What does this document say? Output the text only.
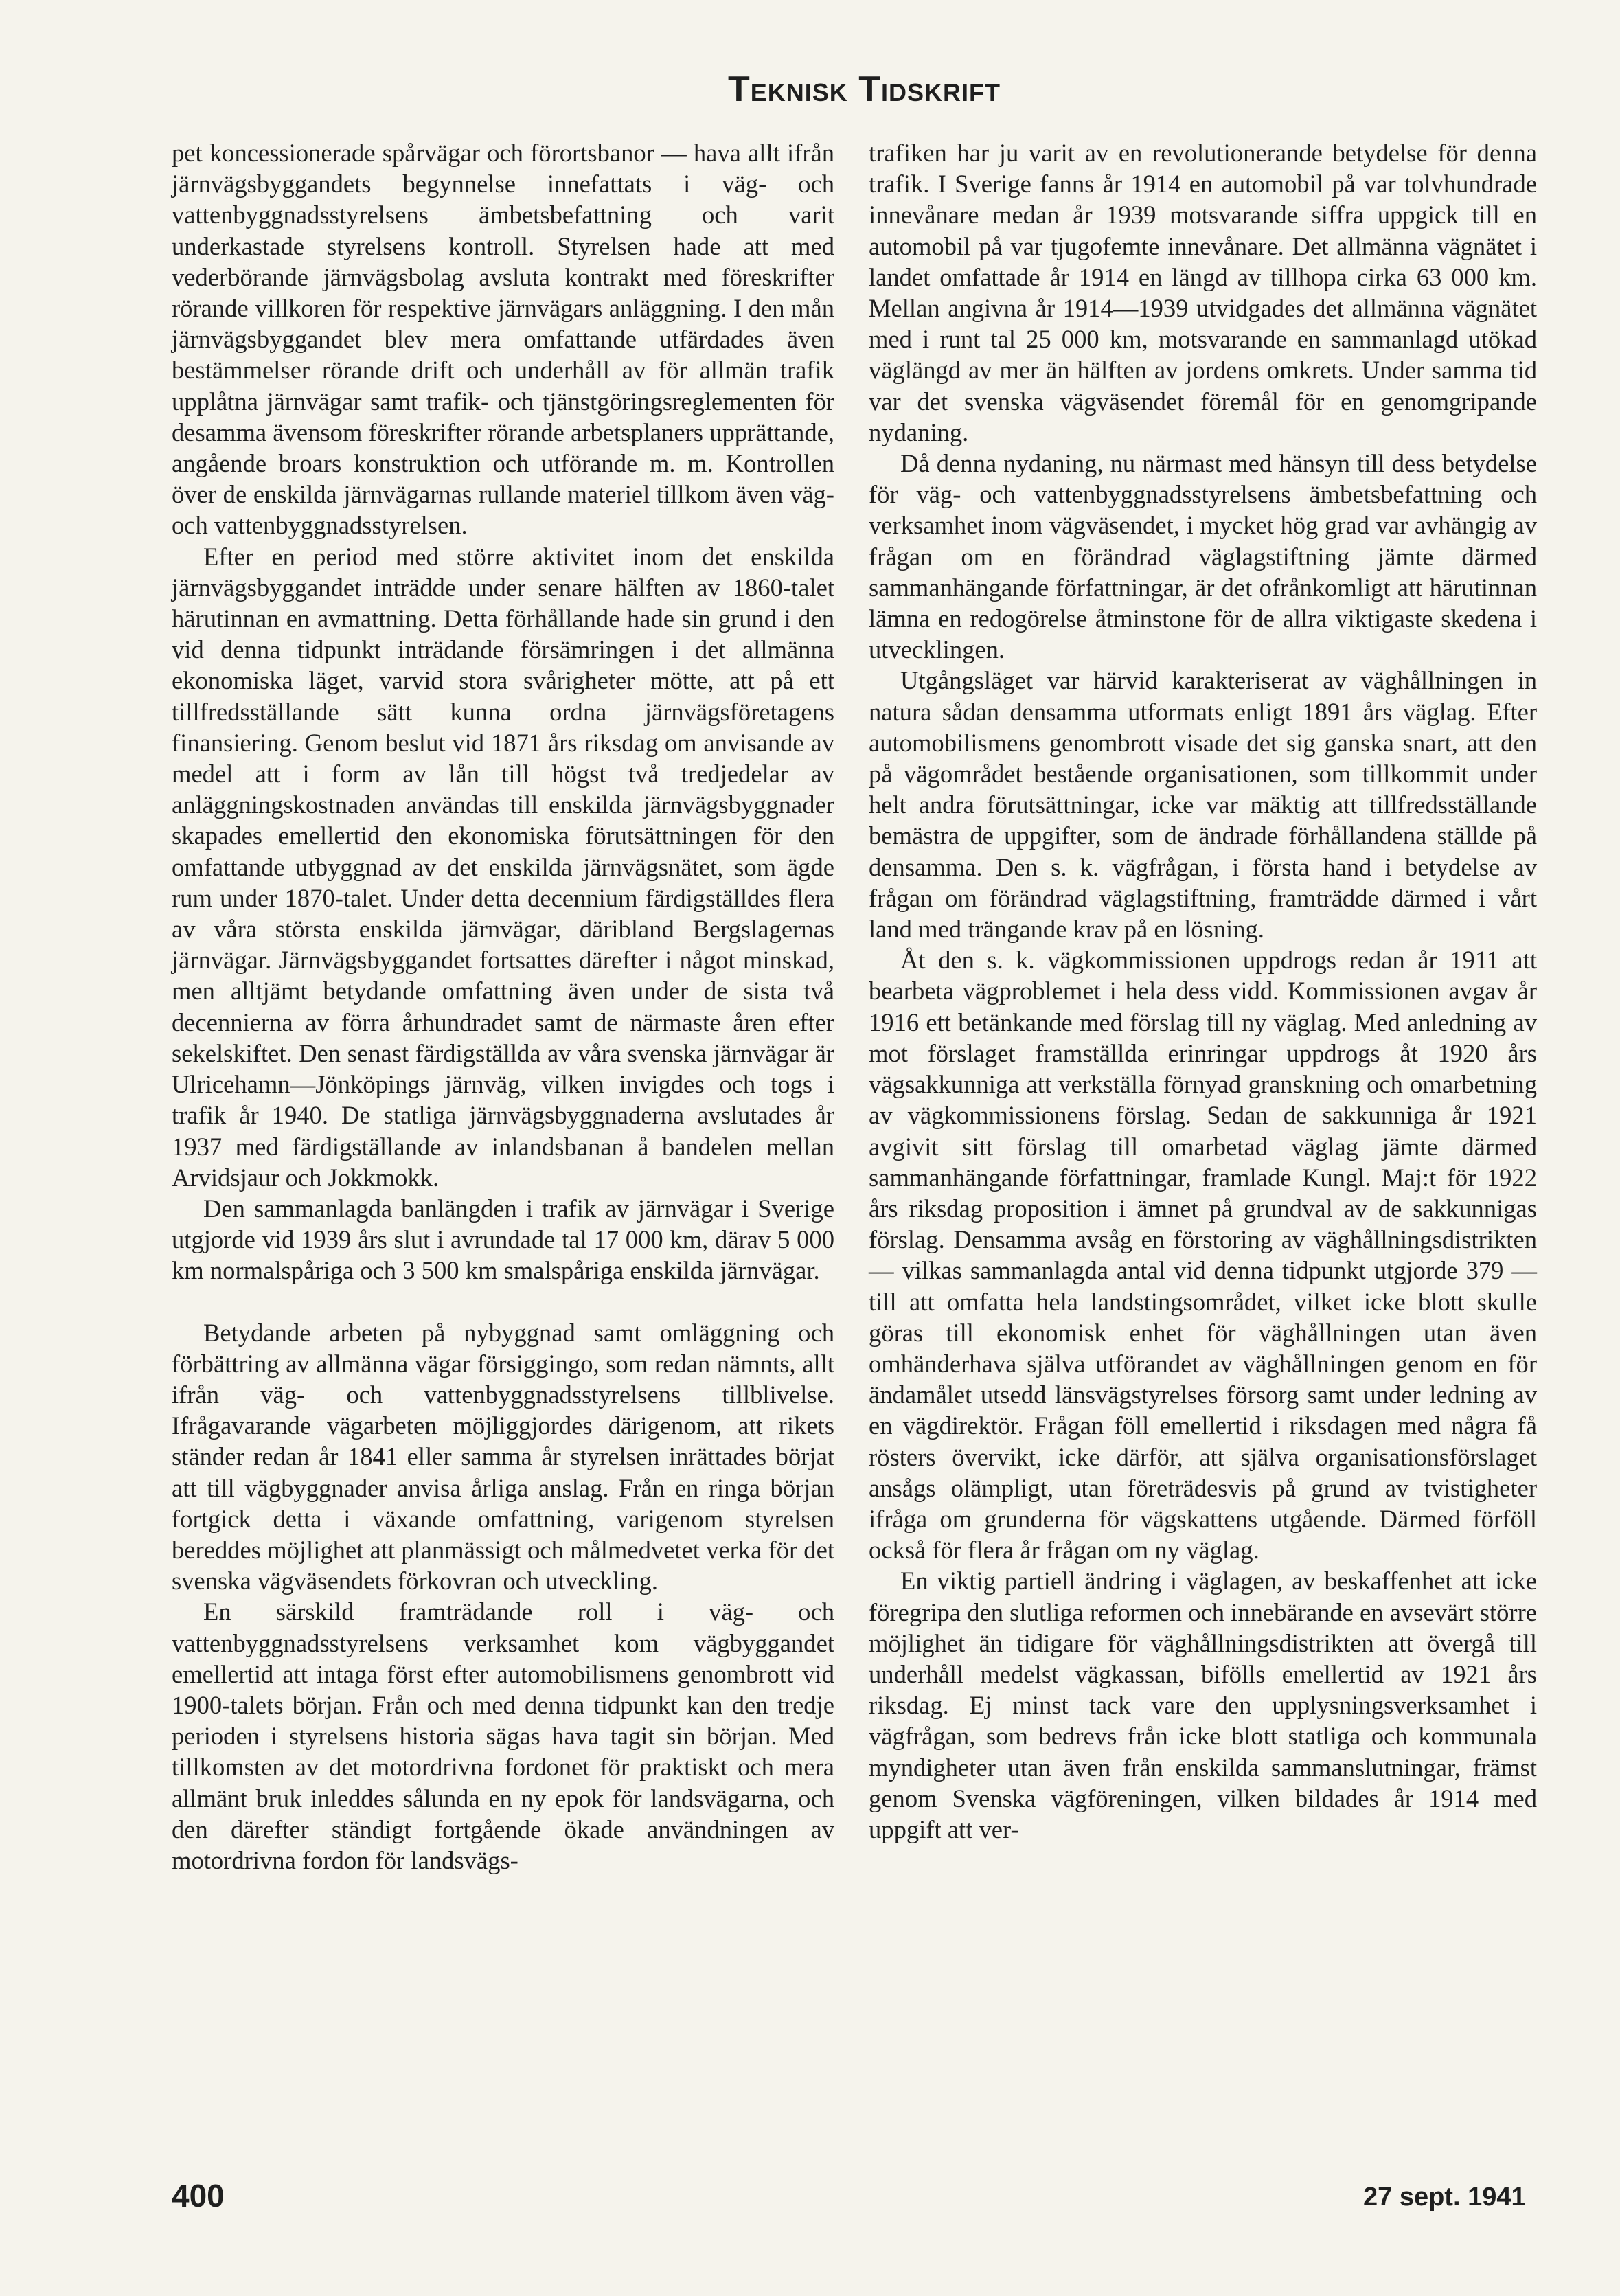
Teknisk Tidskrift

pet koncessionerade spårvägar och förortsbanor — hava allt ifrån järnvägsbyggandets begynnelse innefattats i väg- och vattenbyggnadsstyrelsens ämbetsbefattning och varit underkastade styrelsens kontroll. Styrelsen hade att med vederbörande järnvägsbolag avsluta kontrakt med föreskrifter rörande villkoren för respektive järnvägars anläggning. I den mån järnvägsbyggandet blev mera omfattande utfärdades även bestämmelser rörande drift och underhåll av för allmän trafik upplåtna järnvägar samt trafik- och tjänstgöringsreglementen för desamma ävensom föreskrifter rörande arbetsplaners upprättande, angående broars konstruktion och utförande m. m. Kontrollen över de enskilda järnvägarnas rullande materiel tillkom även väg- och vattenbyggnadsstyrelsen.

Efter en period med större aktivitet inom det enskilda järnvägsbyggandet inträdde under senare hälften av 1860-talet härutinnan en avmattning. Detta förhållande hade sin grund i den vid denna tidpunkt inträdande försämringen i det allmänna ekonomiska läget, varvid stora svårigheter mötte, att på ett tillfredsställande sätt kunna ordna järnvägsföretagens finansiering. Genom beslut vid 1871 års riksdag om anvisande av medel att i form av lån till högst två tredjedelar av anläggningskostnaden användas till enskilda järnvägsbyggnader skapades emellertid den ekonomiska förutsättningen för den omfattande utbyggnad av det enskilda järnvägsnätet, som ägde rum under 1870-talet. Under detta decennium färdigställdes flera av våra största enskilda järnvägar, däribland Bergslagernas järnvägar. Järnvägsbyggandet fortsattes därefter i något minskad, men alltjämt betydande omfattning även under de sista två decennierna av förra århundradet samt de närmaste åren efter sekelskiftet. Den senast färdigställda av våra svenska järnvägar är Ulricehamn—Jönköpings järnväg, vilken invigdes och togs i trafik år 1940. De statliga järnvägsbyggnaderna avslutades år 1937 med färdigställande av inlandsbanan å bandelen mellan Arvidsjaur och Jokkmokk.

Den sammanlagda banlängden i trafik av järnvägar i Sverige utgjorde vid 1939 års slut i avrundade tal 17 000 km, därav 5 000 km normalspåriga och 3 500 km smalspåriga enskilda järnvägar.

Betydande arbeten på nybyggnad samt omläggning och förbättring av allmänna vägar försiggingo, som redan nämnts, allt ifrån väg- och vattenbyggnadsstyrelsens tillblivelse. Ifrågavarande vägarbeten möjliggjordes därigenom, att rikets ständer redan år 1841 eller samma år styrelsen inrättades börjat att till vägbyggnader anvisa årliga anslag. Från en ringa början fortgick detta i växande omfattning, varigenom styrelsen bereddes möjlighet att planmässigt och målmedvetet verka för det svenska vägväsendets förkovran och utveckling.

En särskild framträdande roll i väg- och vattenbyggnadsstyrelsens verksamhet kom vägbyggandet emellertid att intaga först efter automobilismens genombrott vid 1900-talets början. Från och med denna tidpunkt kan den tredje perioden i styrelsens historia sägas hava tagit sin början. Med tillkomsten av det motordrivna fordonet för praktiskt och mera allmänt bruk inleddes sålunda en ny epok för landsvägarna, och den därefter ständigt fortgående ökade användningen av motordrivna fordon för landsvägs-

trafiken har ju varit av en revolutionerande betydelse för denna trafik. I Sverige fanns år 1914 en automobil på var tolvhundrade innevånare medan år 1939 motsvarande siffra uppgick till en automobil på var tjugofemte innevånare. Det allmänna vägnätet i landet omfattade år 1914 en längd av tillhopa cirka 63 000 km. Mellan angivna år 1914—1939 utvidgades det allmänna vägnätet med i runt tal 25 000 km, motsvarande en sammanlagd utökad väglängd av mer än hälften av jordens omkrets. Under samma tid var det svenska vägväsendet föremål för en genomgripande nydaning.

Då denna nydaning, nu närmast med hänsyn till dess betydelse för väg- och vattenbyggnadsstyrelsens ämbetsbefattning och verksamhet inom vägväsendet, i mycket hög grad var avhängig av frågan om en förändrad väglagstiftning jämte därmed sammanhängande författningar, är det ofrånkomligt att härutinnan lämna en redogörelse åtminstone för de allra viktigaste skedena i utvecklingen.

Utgångsläget var härvid karakteriserat av väghållningen in natura sådan densamma utformats enligt 1891 års väglag. Efter automobilismens genombrott visade det sig ganska snart, att den på vägområdet bestående organisationen, som tillkommit under helt andra förutsättningar, icke var mäktig att tillfredsställande bemästra de uppgifter, som de ändrade förhållandena ställde på densamma. Den s. k. vägfrågan, i första hand i betydelse av frågan om förändrad väglagstiftning, framträdde därmed i vårt land med trängande krav på en lösning.

Åt den s. k. vägkommissionen uppdrogs redan år 1911 att bearbeta vägproblemet i hela dess vidd. Kommissionen avgav år 1916 ett betänkande med förslag till ny väglag. Med anledning av mot förslaget framställda erinringar uppdrogs åt 1920 års vägsakkunniga att verkställa förnyad granskning och omarbetning av vägkommissionens förslag. Sedan de sakkunniga år 1921 avgivit sitt förslag till omarbetad väglag jämte därmed sammanhängande författningar, framlade Kungl. Maj:t för 1922 års riksdag proposition i ämnet på grundval av de sakkunnigas förslag. Densamma avsåg en förstoring av väghållningsdistrikten — vilkas sammanlagda antal vid denna tidpunkt utgjorde 379 — till att omfatta hela landstingsområdet, vilket icke blott skulle göras till ekonomisk enhet för väghållningen utan även omhänderhava själva utförandet av väghållningen genom en för ändamålet utsedd länsvägstyrelses försorg samt under ledning av en vägdirektör. Frågan föll emellertid i riksdagen med några få rösters övervikt, icke därför, att själva organisationsförslaget ansågs olämpligt, utan företrädesvis på grund av tvistigheter ifråga om grunderna för vägskattens utgående. Därmed förföll också för flera år frågan om ny väglag.

En viktig partiell ändring i väglagen, av beskaffenhet att icke föregripa den slutliga reformen och innebärande en avsevärt större möjlighet än tidigare för väghållningsdistrikten att övergå till underhåll medelst vägkassan, bifölls emellertid av 1921 års riksdag. Ej minst tack vare den upplysningsverksamhet i vägfrågan, som bedrevs från icke blott statliga och kommunala myndigheter utan även från enskilda sammanslutningar, främst genom Svenska vägföreningen, vilken bildades år 1914 med uppgift att ver-

400	27 sept. 1941
